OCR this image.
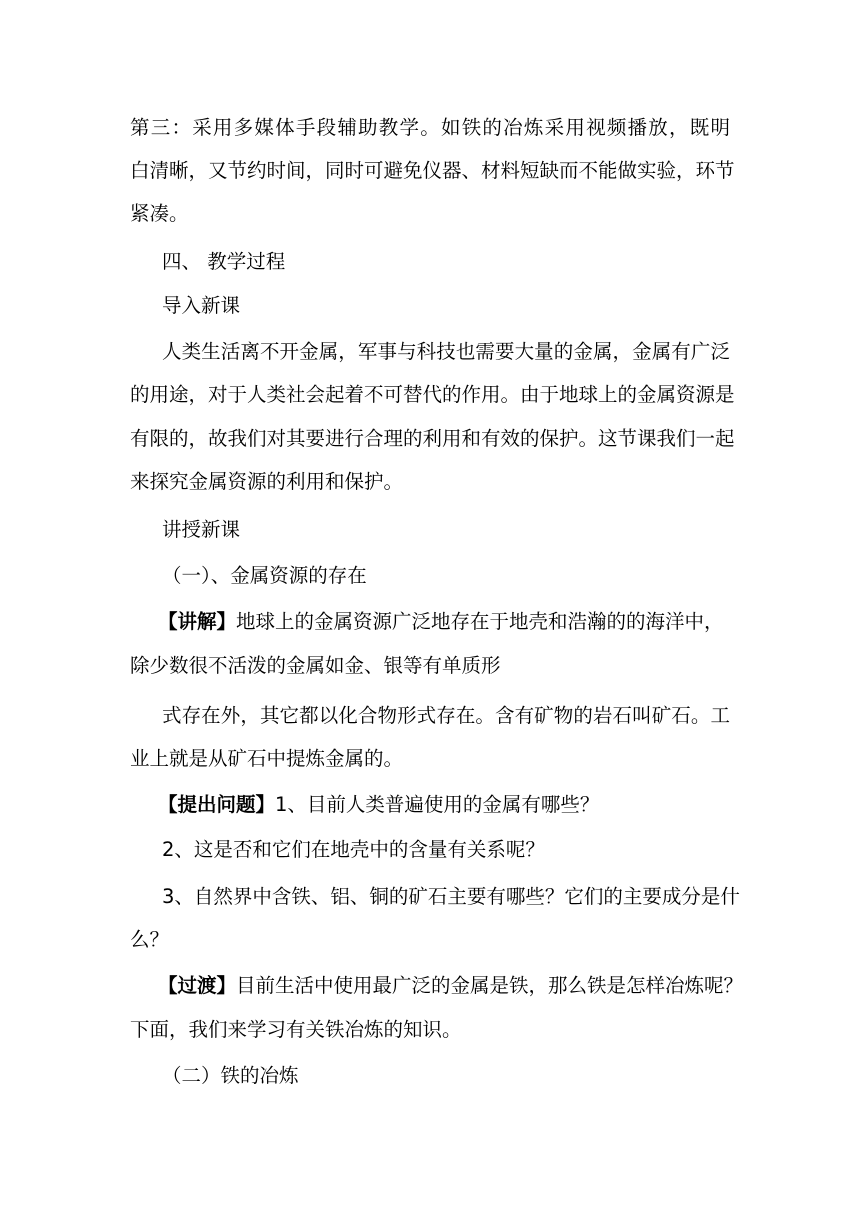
第三：采用多媒体手段辅助教学。如铁的冶炼采用视频播放，既明
白清晰，又节约时间，同时可避免仪器、材料短缺而不能做实验，环节
紧凑。
四、 教学过程
导入新课
人类生活离不开金属，军事与科技也需要大量的金属，金属有广泛
的用途，对于人类社会起着不可替代的作用。由于地球上的金属资源是
有限的，故我们对其要进行合理的利用和有效的保护。这节课我们一起
来探究金属资源的利用和保护。
讲授新课
（一）、金属资源的存在
【讲解】地球上的金属资源广泛地存在于地壳和浩瀚的的海洋中，
除少数很不活泼的金属如金、银等有单质形
式存在外，其它都以化合物形式存在。含有矿物的岩石叫矿石。工
业上就是从矿石中提炼金属的。
【提出问题】1、目前人类普遍使用的金属有哪些？
2、这是否和它们在地壳中的含量有关系呢？
3、自然界中含铁、铝、铜的矿石主要有哪些？它们的主要成分是什
么？
【过渡】目前生活中使用最广泛的金属是铁，那么铁是怎样冶炼呢？
下面，我们来学习有关铁冶炼的知识。
（二）铁的冶炼
